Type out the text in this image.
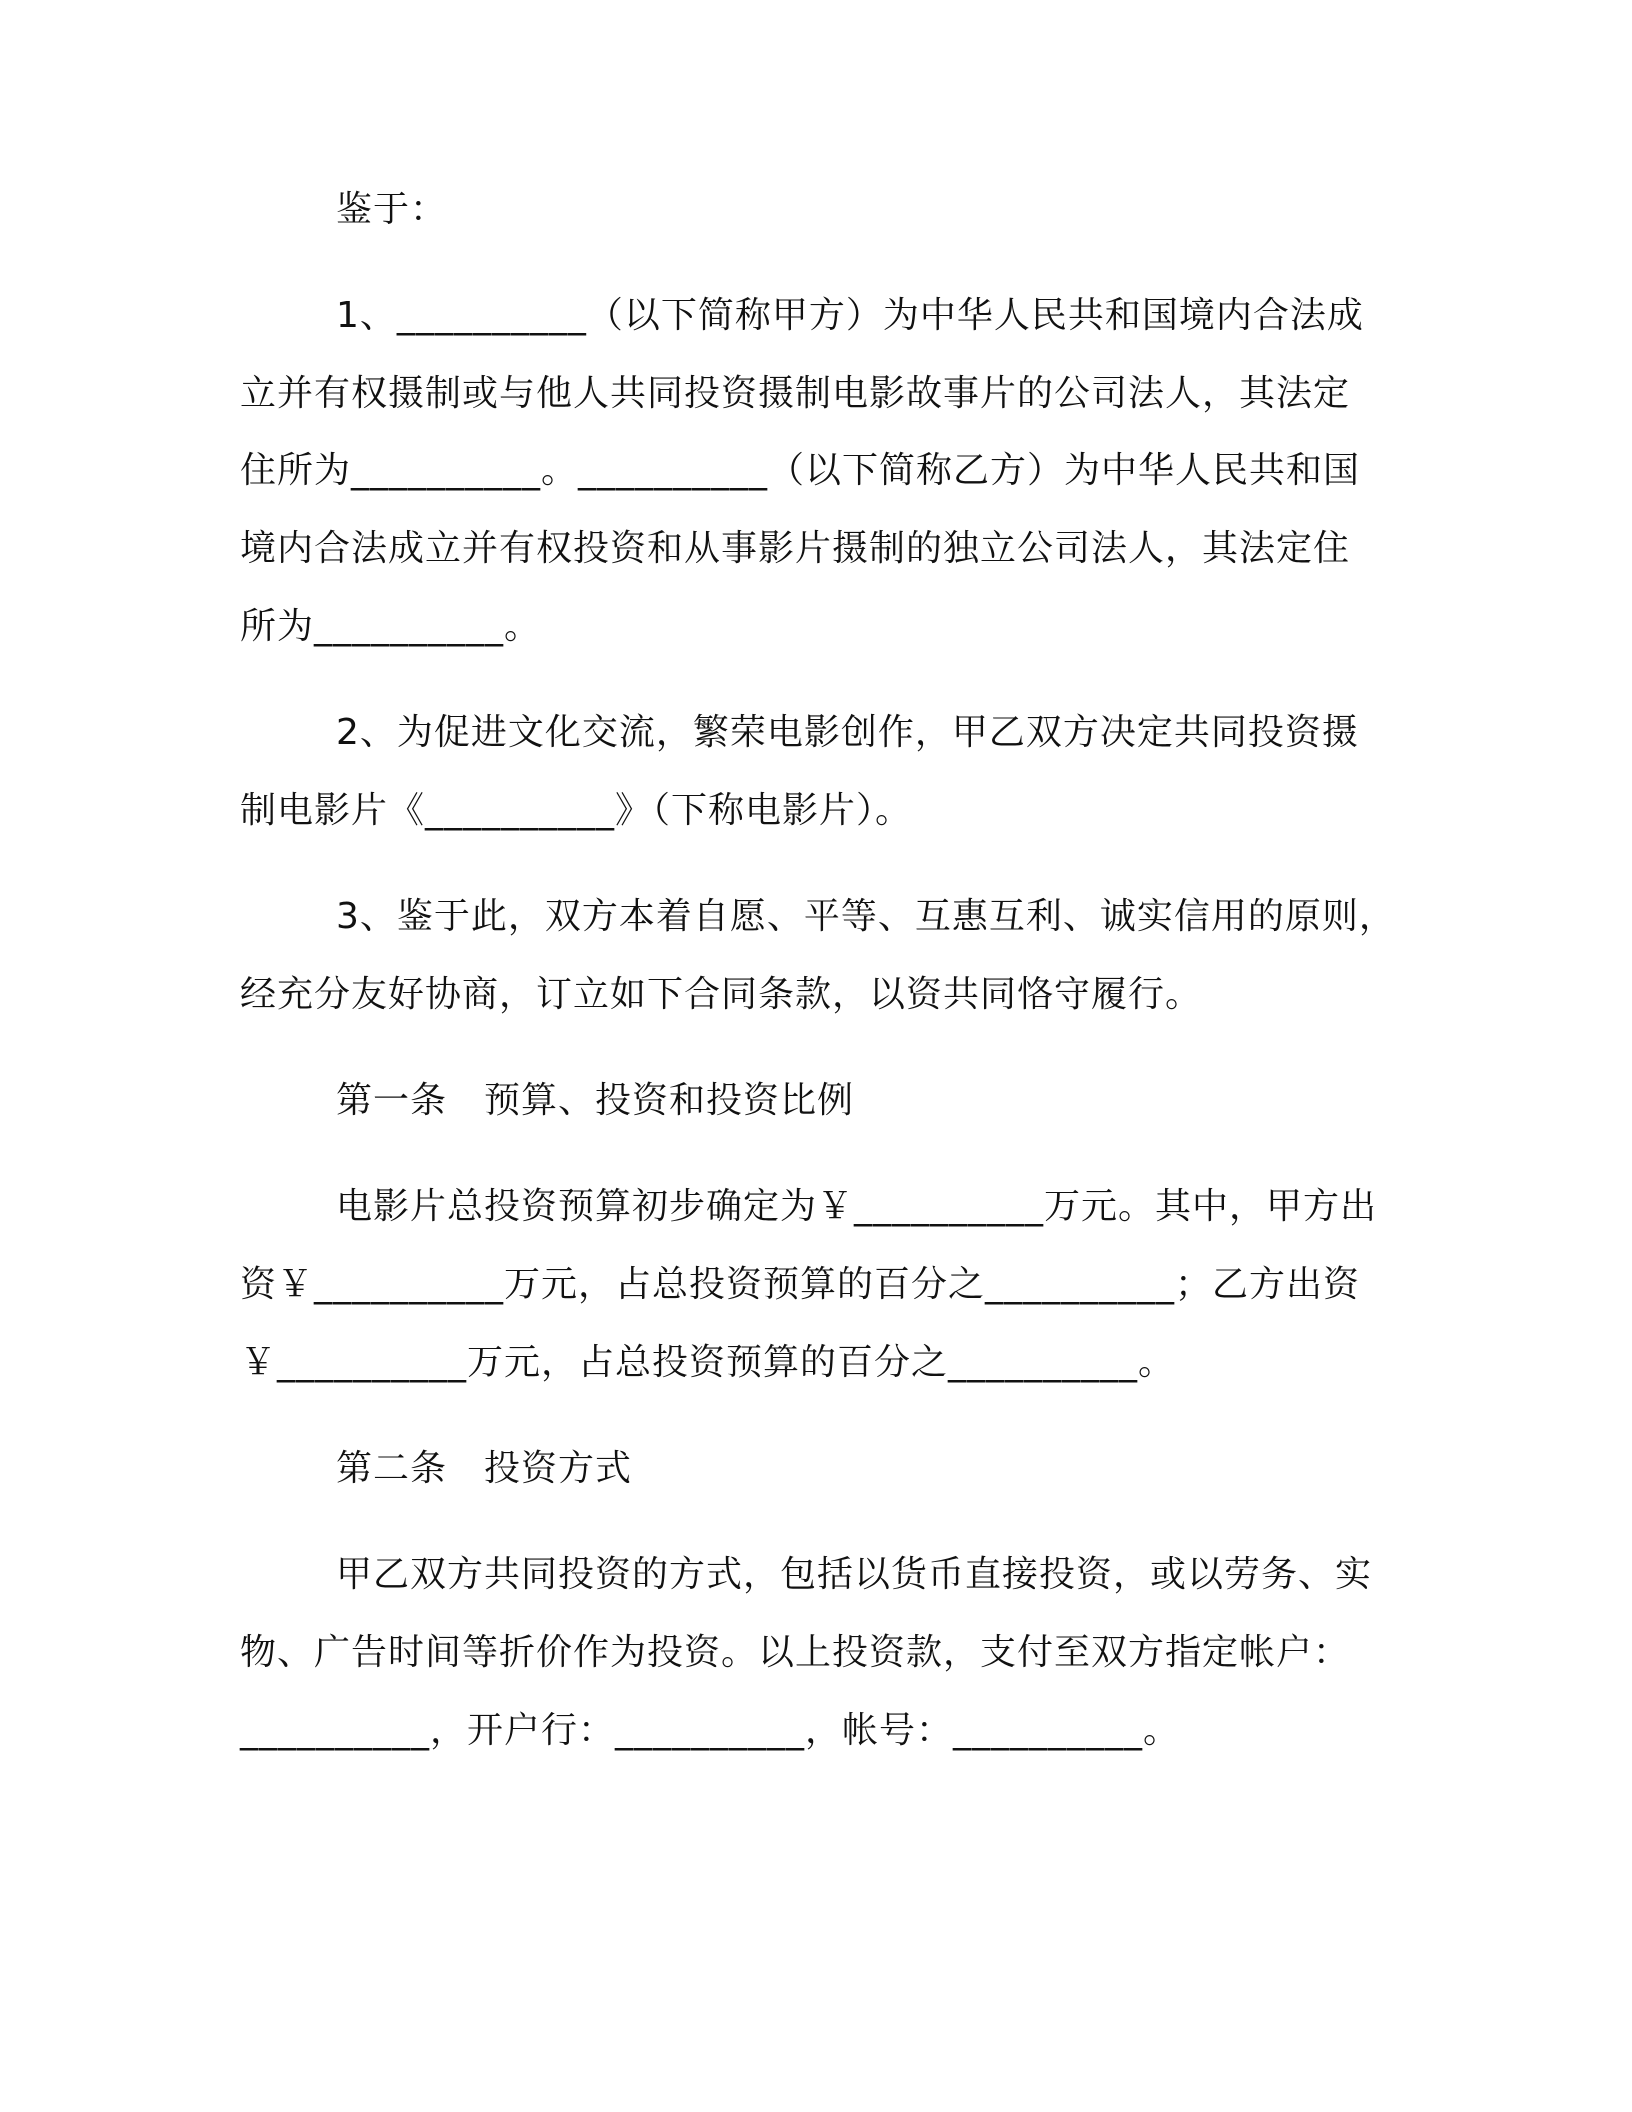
鉴于：
1、__________（以下简称甲方）为中华人民共和国境内合法成
立并有权摄制或与他人共同投资摄制电影故事片的公司法人，其法定
住所为__________。__________（以下简称乙方）为中华人民共和国
境内合法成立并有权投资和从事影片摄制的独立公司法人，其法定住
所为__________。
2、为促进文化交流，繁荣电影创作，甲乙双方决定共同投资摄
制电影片《__________》（下称电影片）。
3、鉴于此，双方本着自愿、平等、互惠互利、诚实信用的原则，
经充分友好协商，订立如下合同条款，以资共同恪守履行。
第一条　预算、投资和投资比例
电影片总投资预算初步确定为￥__________万元。其中，甲方出
资￥__________万元，占总投资预算的百分之__________；乙方出资
￥__________万元，占总投资预算的百分之__________。
第二条　投资方式
甲乙双方共同投资的方式，包括以货币直接投资，或以劳务、实
物、广告时间等折价作为投资。以上投资款，支付至双方指定帐户：
__________，开户行：__________，帐号：__________。
